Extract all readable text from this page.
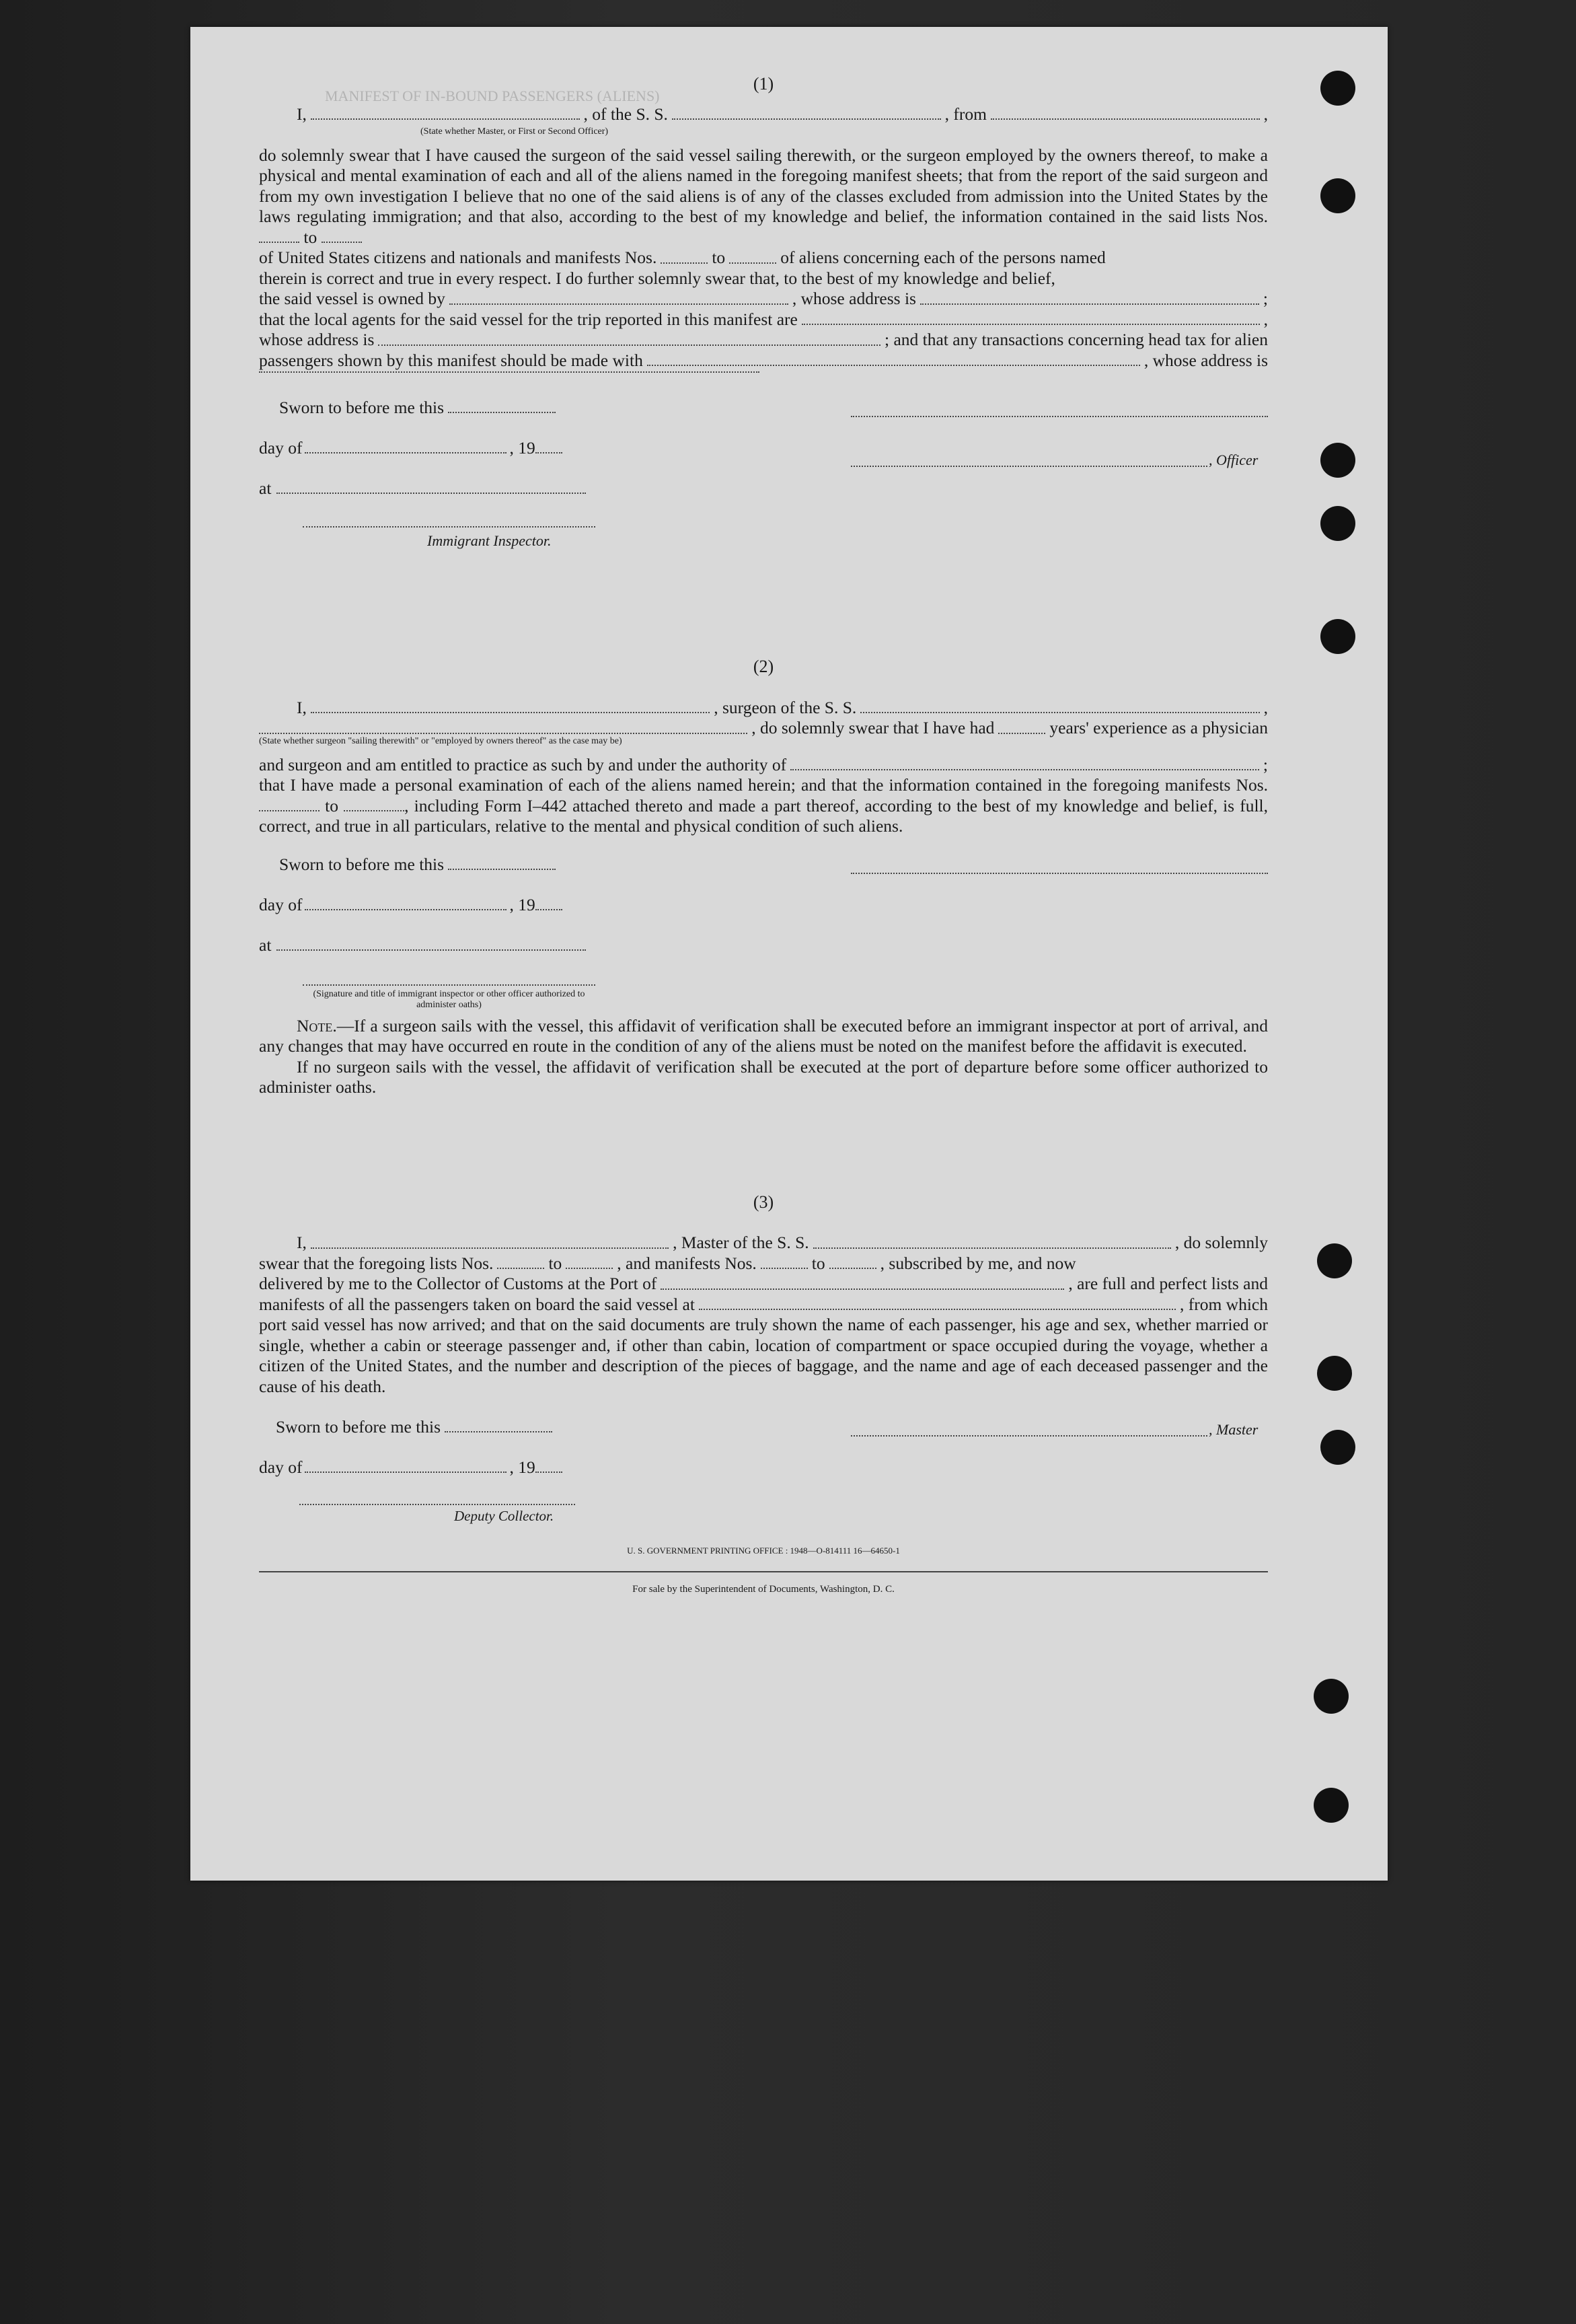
MANIFEST OF IN-BOUND PASSENGERS (ALIENS)
(1)
I,	, of the S. S.	, from	,
(State whether Master, or First or Second Officer)

do solemnly swear that I have caused the surgeon of the said vessel sailing therewith, or the surgeon employed by the owners thereof, to make a physical and mental examination of each and all of the aliens named in the foregoing manifest sheets; that from the report of the said surgeon and from my own investigation I believe that no one of the said aliens is of any of the classes excluded from admission into the United States by the laws regulating immigration; and that also, according to the best of my knowledge and belief, the information contained in the said lists Nos.  to

of United States citizens and nationals and manifests Nos.	to	of aliens concerning each of the persons named
therein is correct and true in every respect. I do further solemnly swear that, to the best of my knowledge and belief,
the said vessel is owned by	, whose address is	;
that the local agents for the said vessel for the trip reported in this manifest are	,
whose address is	; and that any transactions concerning head tax for alien
passengers shown by this manifest should be made with	, whose address is
Sworn to before me this
day of	, 19
, Officer
at
Immigrant Inspector.
(2)
I,	, surgeon of the S. S.	,
, do solemnly swear that I have had	years' experience as a physician
(State whether surgeon "sailing therewith" or "employed by owners thereof" as the case may be)
and surgeon and am entitled to practice as such by and under the authority of	;

that I have made a personal examination of each of the aliens named herein; and that the information contained in the foregoing manifests Nos.  to	, including Form I–442 attached thereto and made a part thereof, according to the best of my knowledge and belief, is full, correct, and true in all particulars, relative to the mental and physical condition of such aliens.

Sworn to before me this
day of	, 19
at
(Signature and title of immigrant inspector or other officer authorized to administer oaths)

Note.—If a surgeon sails with the vessel, this affidavit of verification shall be executed before an immigrant inspector at port of arrival, and any changes that may have occurred en route in the condition of any of the aliens must be noted on the manifest before the affidavit is executed.

If no surgeon sails with the vessel, the affidavit of verification shall be executed at the port of departure before some officer authorized to administer oaths.

(3)
I,	, Master of the S. S.	, do solemnly
swear that the foregoing lists Nos.	to	, and manifests Nos.	to	, subscribed by me, and now
delivered by me to the Collector of Customs at the Port of	, are full and perfect lists and
manifests of all the passengers taken on board the said vessel at	, from which

port said vessel has now arrived; and that on the said documents are truly shown the name of each passenger, his age and sex, whether married or single, whether a cabin or steerage passenger and, if other than cabin, location of compartment or space occupied during the voyage, whether a citizen of the United States, and the number and description of the pieces of baggage, and the name and age of each deceased passenger and the cause of his death.

Sworn to before me this	, Master
day of	, 19
Deputy Collector.
U. S. GOVERNMENT PRINTING OFFICE : 1948—O-814111 16—64650-1
For sale by the Superintendent of Documents, Washington, D. C.
